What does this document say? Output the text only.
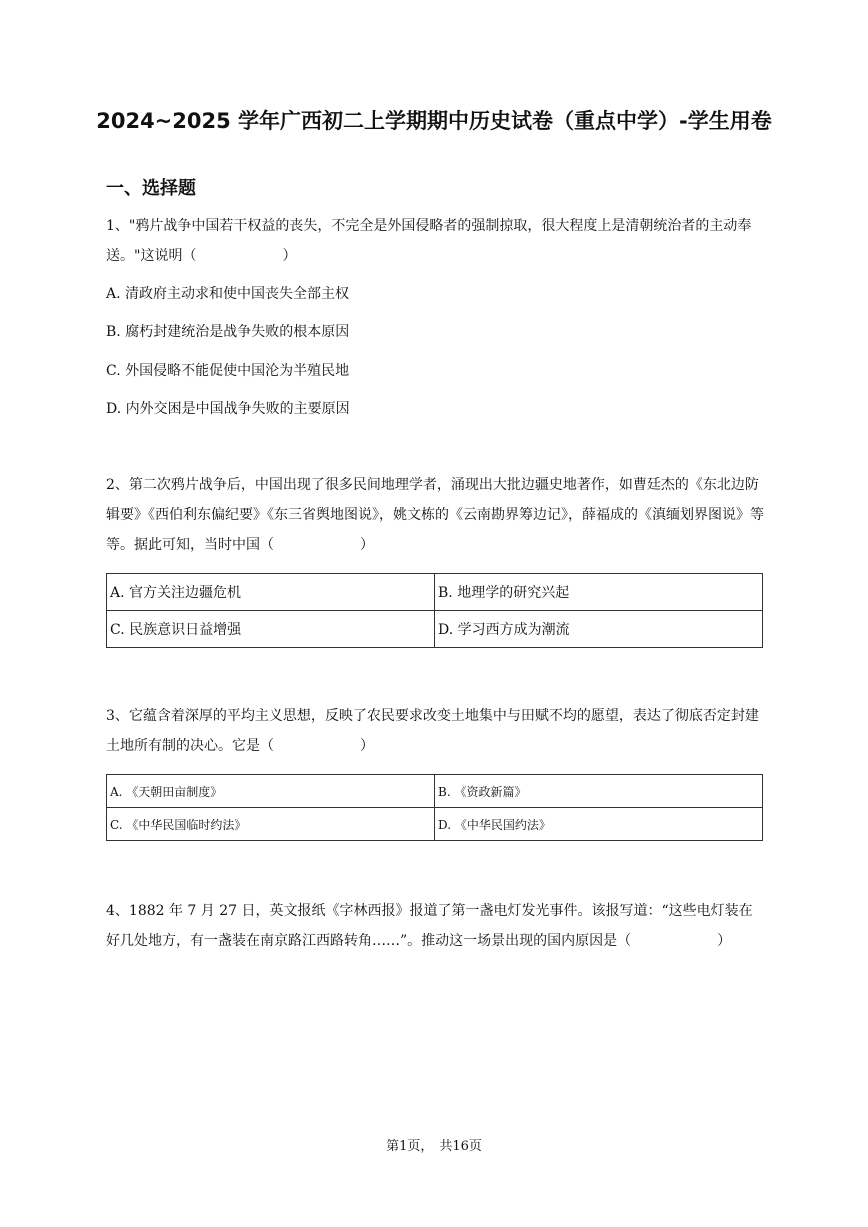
2024~2025 学年广西初二上学期期中历史试卷（重点中学）-学生用卷
一、选择题
1、"鸦片战争中国若干权益的丧失，不完全是外国侵略者的强制掠取，很大程度上是清朝统治者的主动奉送。"这说明（	）
A. 清政府主动求和使中国丧失全部主权
B. 腐朽封建统治是战争失败的根本原因
C. 外国侵略不能促使中国沦为半殖民地
D. 内外交困是中国战争失败的主要原因
2、第二次鸦片战争后，中国出现了很多民间地理学者，涌现出大批边疆史地著作，如曹廷杰的《东北边防辑要》《西伯利东偏纪要》《东三省舆地图说》，姚文栋的《云南勘界筹边记》，薛福成的《滇缅划界图说》等等。据此可知，当时中国（	）
A. 官方关注边疆危机	B. 地理学的研究兴起
C. 民族意识日益增强	D. 学习西方成为潮流
3、它蕴含着深厚的平均主义思想，反映了农民要求改变土地集中与田赋不均的愿望，表达了彻底否定封建土地所有制的决心。它是（	）
A. 《天朝田亩制度》	B. 《资政新篇》
C. 《中华民国临时约法》	D. 《中华民国约法》
4、1882 年 7 月 27 日，英文报纸《字林西报》报道了第一盏电灯发光事件。该报写道：“这些电灯装在好几处地方，有一盏装在南京路江西路转角……”。推动这一场景出现的国内原因是（	）
第1页， 共16页
